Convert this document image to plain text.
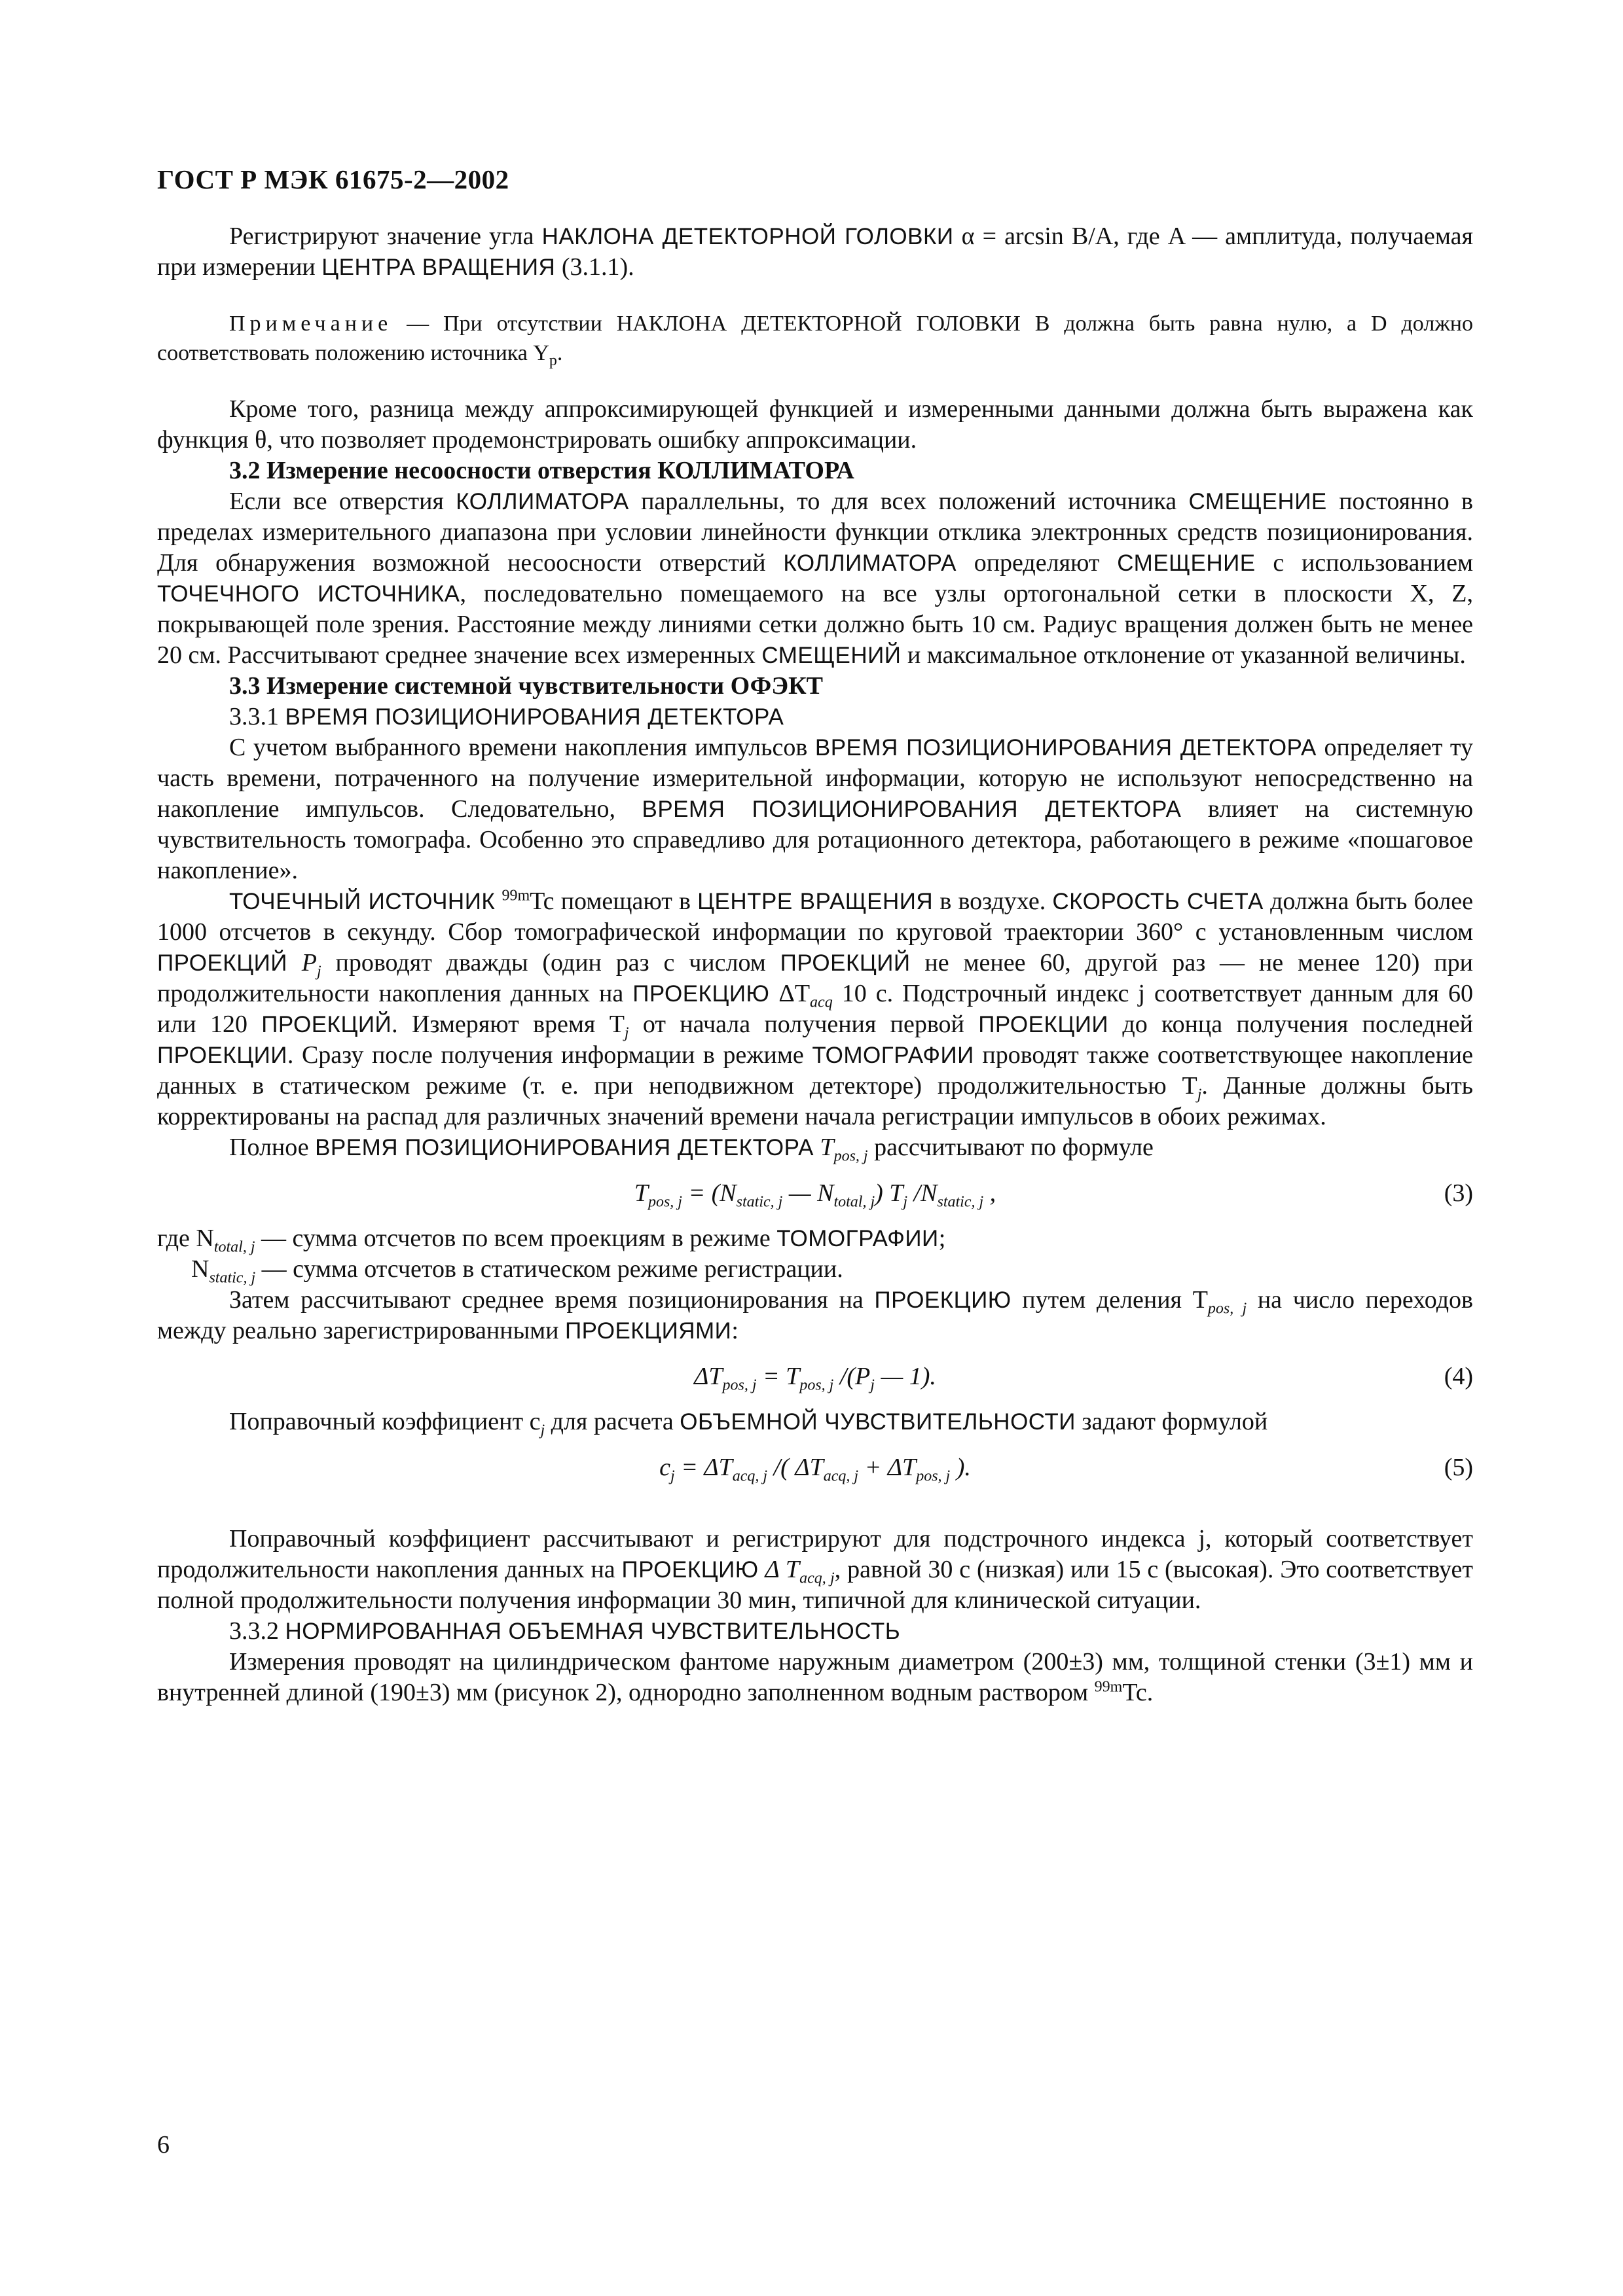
ГОСТ Р МЭК 61675-2—2002

Регистрируют значение угла НАКЛОНА ДЕТЕКТОРНОЙ ГОЛОВКИ α = arcsin B/A, где A — амплитуда, получаемая при измерении ЦЕНТРА ВРАЩЕНИЯ (3.1.1).

Примечание — При отсутствии НАКЛОНА ДЕТЕКТОРНОЙ ГОЛОВКИ B должна быть равна нулю, а D должно соответствовать положению источника $Y_p$.

Кроме того, разница между аппроксимирующей функцией и измеренными данными должна быть выражена как функция θ, что позволяет продемонстрировать ошибку аппроксимации.

3.2 Измерение несоосности отверстия КОЛЛИМАТОРА

Если все отверстия КОЛЛИМАТОРА параллельны, то для всех положений источника СМЕЩЕНИЕ постоянно в пределах измерительного диапазона при условии линейности функции отклика электронных средств позиционирования. Для обнаружения возможной несоосности отверстий КОЛЛИМАТОРА определяют СМЕЩЕНИЕ с использованием ТОЧЕЧНОГО ИСТОЧНИКА, последовательно помещаемого на все узлы ортогональной сетки в плоскости X, Z, покрывающей поле зрения. Расстояние между линиями сетки должно быть 10 см. Радиус вращения должен быть не менее 20 см. Рассчитывают среднее значение всех измеренных СМЕЩЕНИЙ и максимальное отклонение от указанной величины.

3.3 Измерение системной чувствительности ОФЭКТ

3.3.1 ВРЕМЯ ПОЗИЦИОНИРОВАНИЯ ДЕТЕКТОРА

С учетом выбранного времени накопления импульсов ВРЕМЯ ПОЗИЦИОНИРОВАНИЯ ДЕТЕКТОРА определяет ту часть времени, потраченного на получение измерительной информации, которую не используют непосредственно на накопление импульсов. Следовательно, ВРЕМЯ ПОЗИЦИОНИРОВАНИЯ ДЕТЕКТОРА влияет на системную чувствительность томографа. Особенно это справедливо для ротационного детектора, работающего в режиме «пошаговое накопление».

ТОЧЕЧНЫЙ ИСТОЧНИК $^{99m}$Tc помещают в ЦЕНТРЕ ВРАЩЕНИЯ в воздухе. СКОРОСТЬ СЧЕТА должна быть более 1000 отсчетов в секунду. Сбор томографической информации по круговой траектории 360° с установленным числом ПРОЕКЦИЙ $P_j$ проводят дважды (один раз с числом ПРОЕКЦИЙ не менее 60, другой раз — не менее 120) при продолжительности накопления данных на ПРОЕКЦИЮ $\Delta T_{acq}$ 10 с. Подстрочный индекс j соответствует данным для 60 или 120 ПРОЕКЦИЙ. Измеряют время $T_j$ от начала получения первой ПРОЕКЦИИ до конца получения последней ПРОЕКЦИИ. Сразу после получения информации в режиме ТОМОГРАФИИ проводят также соответствующее накопление данных в статическом режиме (т. е. при неподвижном детекторе) продолжительностью $T_j$. Данные должны быть корректированы на распад для различных значений времени начала регистрации импульсов в обоих режимах.

Полное ВРЕМЯ ПОЗИЦИОНИРОВАНИЯ ДЕТЕКТОРА $T_{pos, j}$ рассчитывают по формуле

$T_{pos, j} = (N_{static, j}$ — $N_{total, j}$) $T_j$ $/N_{static, j}$ ,	(3)
где $N_{total, j}$ — сумма отсчетов по всем проекциям в режиме ТОМОГРАФИИ;
$N_{static, j}$ — сумма отсчетов в статическом режиме регистрации.

Затем рассчитывают среднее время позиционирования на ПРОЕКЦИЮ путем деления $T_{pos, j}$ на число переходов между реально зарегистрированными ПРОЕКЦИЯМИ:

$\Delta T_{pos, j} = T_{pos, j}$ $/(P_j$ — 1).	(4)

Поправочный коэффициент $c_j$ для расчета ОБЪЕМНОЙ ЧУВСТВИТЕЛЬНОСТИ задают формулой

$c_j = \Delta T_{acq, j}$ /( $\Delta T_{acq, j} + \Delta T_{pos, j}$ ).	(5)

Поправочный коэффициент рассчитывают и регистрируют для подстрочного индекса j, который соответствует продолжительности накопления данных на ПРОЕКЦИЮ Δ $T_{acq, j}$, равной 30 с (низкая) или 15 с (высокая). Это соответствует полной продолжительности получения информации 30 мин, типичной для клинической ситуации.

3.3.2 НОРМИРОВАННАЯ ОБЪЕМНАЯ ЧУВСТВИТЕЛЬНОСТЬ

Измерения проводят на цилиндрическом фантоме наружным диаметром (200±3) мм, толщиной стенки (3±1) мм и внутренней длиной (190±3) мм (рисунок 2), однородно заполненном водным раствором $^{99m}$Tc.

6
